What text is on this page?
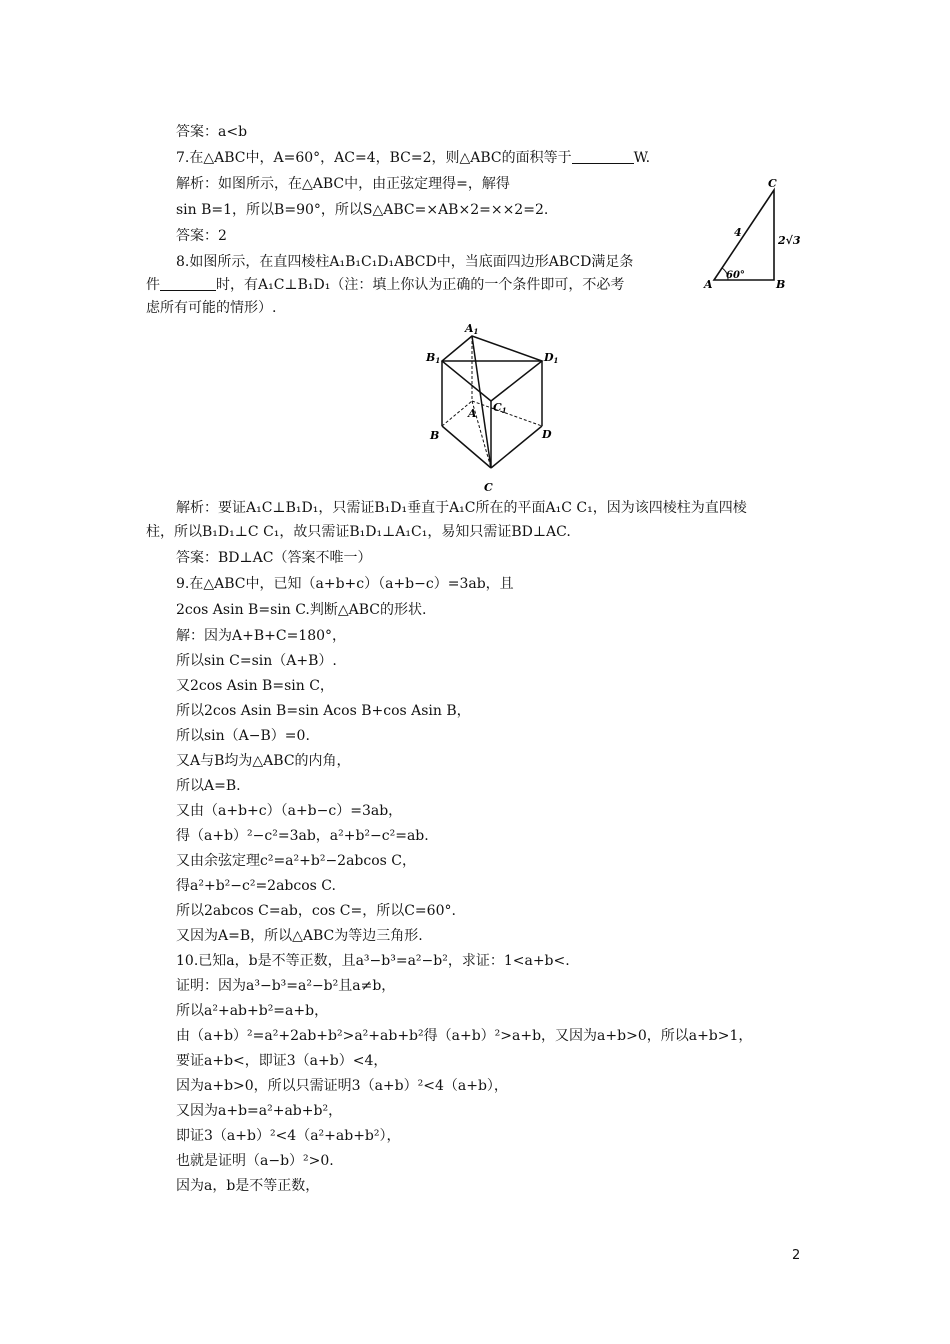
答案：a<b
7.在△ABC中，A=60°，AC=4，BC=2，则△ABC的面积等于	W.
解析：如图所示，在△ABC中，由正弦定理得=，解得
sin B=1，所以B=90°，所以S△ABC=×AB×2=××2=2.
答案：2
8.如图所示，在直四棱柱A₁B₁C₁D₁ABCD中，当底面四边形ABCD满足条
件	时，有A₁C⊥B₁D₁（注：填上你认为正确的一个条件即可，不必考
虑所有可能的情形）.
C
A	B
4
2√3
60°
A1
B1	D1
C1
A
B	D
C
解析：要证A₁C⊥B₁D₁，只需证B₁D₁垂直于A₁C所在的平面A₁C C₁，因为该四棱柱为直四棱
柱，所以B₁D₁⊥C C₁，故只需证B₁D₁⊥A₁C₁，易知只需证BD⊥AC.
答案：BD⊥AC（答案不唯一）
9.在△ABC中，已知（a+b+c）（a+b−c）=3ab，且
2cos Asin B=sin C.判断△ABC的形状.
解：因为A+B+C=180°，
所以sin C=sin（A+B）.
又2cos Asin B=sin C，
所以2cos Asin B=sin Acos B+cos Asin B，
所以sin（A−B）=0.
又A与B均为△ABC的内角，
所以A=B.
又由（a+b+c）（a+b−c）=3ab，
得（a+b）²−c²=3ab，a²+b²−c²=ab.
又由余弦定理c²=a²+b²−2abcos C，
得a²+b²−c²=2abcos C.
所以2abcos C=ab，cos C=，所以C=60°.
又因为A=B，所以△ABC为等边三角形.
10.已知a，b是不等正数，且a³−b³=a²−b²，求证：1<a+b<.
证明：因为a³−b³=a²−b²且a≠b，
所以a²+ab+b²=a+b，
由（a+b）²=a²+2ab+b²>a²+ab+b²得（a+b）²>a+b，又因为a+b>0，所以a+b>1，
要证a+b<，即证3（a+b）<4，
因为a+b>0，所以只需证明3（a+b）²<4（a+b），
又因为a+b=a²+ab+b²，
即证3（a+b）²<4（a²+ab+b²），
也就是证明（a−b）²>0.
因为a，b是不等正数，
2
